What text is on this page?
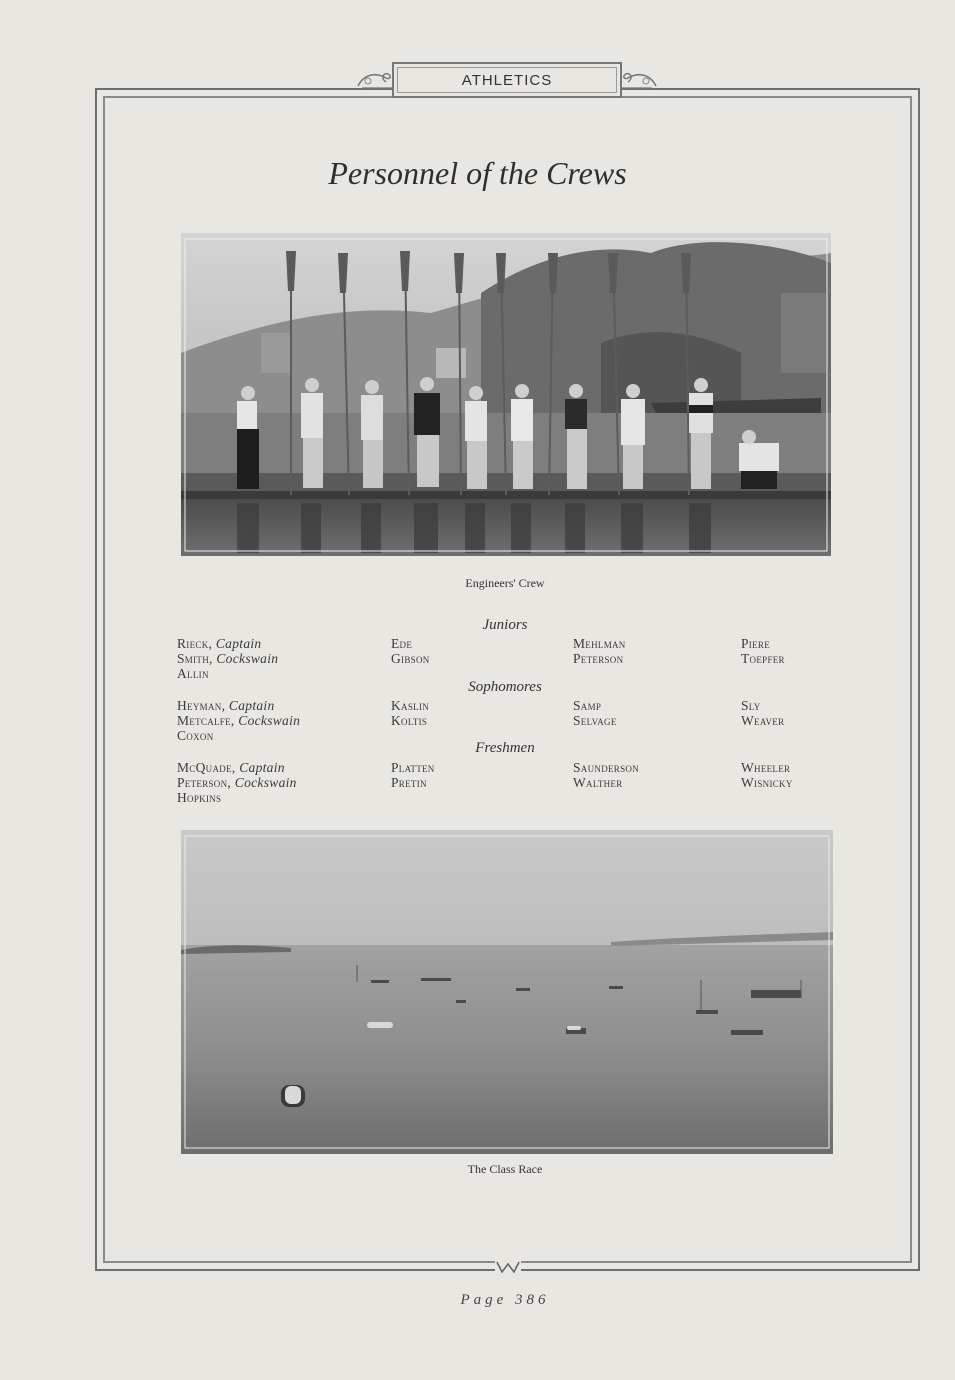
ATHLETICS
Personnel of the Crews
Engineers' Crew
Juniors
Rieck, Captain
Smith, Cockswain
Allin
Ede
Gibson
Mehlman
Peterson
Piere
Toepfer
Sophomores
Heyman, Captain
Metcalfe, Cockswain
Coxon
Kaslin
Koltis
Samp
Selvage
Sly
Weaver
Freshmen
McQuade, Captain
Peterson, Cockswain
Hopkins
Platten
Pretin
Saunderson
Walther
Wheeler
Wisnicky
The Class Race
Page 386
